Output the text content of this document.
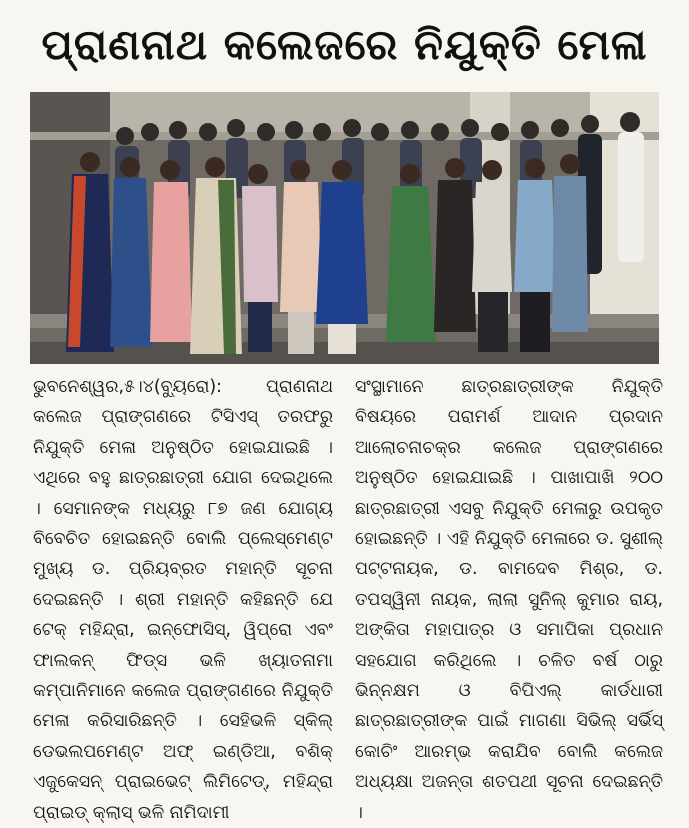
ପ୍ରାଣନାଥ କଲେଜରେ ନିଯୁକ୍ତି ମେଳା

ଭୁବନେଶ୍ୱର,୫।୪(ବ୍ୟୁରୋ): ପ୍ରାଣନାଥ କଲେଜ ପ୍ରାଙ୍ଗଣରେ ଟିସିଏସ୍ ତରଫରୁ ନିଯୁକ୍ତି ମେଳା ଅନୁଷ୍ଠିତ ହୋଇଯାଇଛି । ଏଥିରେ ବହୁ ଛାତ୍ରଛାତ୍ରୀ ଯୋଗ ଦେଇଥିଲେ । ସେମାନଙ୍କ ମଧ୍ୟରୁ ୮୭ ଜଣ ଯୋଗ୍ୟ ବିବେଚିତ ହୋଇଛନ୍ତି ବୋଲି ପ୍ଲେସ୍‌ମେଣ୍ଟ ମୁଖ୍ୟ ଡ. ପ୍ରିୟବ୍ରତ ମହାନ୍ତି ସୂଚନା ଦେଇଛନ୍ତି । ଶ୍ରୀ ମହାନ୍ତି କହିଛନ୍ତି ଯେ ଟେକ୍ ମହିନ୍ଦ୍ରା, ଇନ୍‌ଫୋସିସ୍, ୱିପ୍ରୋ ଏବଂ ଫାଲକନ୍ ଫିଡ୍‌ସ ଭଳି ଖ୍ୟାତନାମା କମ୍ପାନିମାନେ କଲେଜ ପ୍ରାଙ୍ଗଣରେ ନିଯୁକ୍ତି ମେଳା କରିସାରିଛନ୍ତି । ସେହିଭଳି ସ୍କିଲ୍ ଡେଭଲପମେଣ୍ଟ ଅଫ୍ ଇଣ୍ଡିଆ, ବଶିକ୍ ଏଜୁକେସନ୍ ପ୍ରାଇଭେଟ୍ ଲିମିଟେଡ୍, ମହିନ୍ଦ୍ରା ପ୍ରାଇଡ୍ କ୍ଲାସ୍ ଭଳି ନାମିଦାମୀ

ସଂସ୍ଥାମାନେ ଛାତ୍ରଛାତ୍ରୀଙ୍କ ନିଯୁକ୍ତି ବିଷୟରେ ପରାମର୍ଶ ଆଦାନ ପ୍ରଦାନ ଆଲୋଚନାଚକ୍ର କଲେଜ ପ୍ରାଙ୍ଗଣରେ ଅନୁଷ୍ଠିତ ହୋଇଯାଇଛି । ପାଖାପାଖି ୨୦୦ ଛାତ୍ରଛାତ୍ରୀ ଏସବୁ ନିଯୁକ୍ତି ମେଳାରୁ ଉପକୃତ ହୋଇଛନ୍ତି । ଏହି ନିଯୁକ୍ତି ମେଳାରେ ଡ. ସୁଶୀଲ୍ ପଟ୍ଟନାୟକ, ଡ. ବାମଦେବ ମିଶ୍ର, ଡ. ତପସ୍ୱିନୀ ନାୟକ, ଲାଲା ସୁନିଲ୍ କୁମାର ରାୟ, ଅଙ୍କିତା ମହାପାତ୍ର ଓ ସମାପିକା ପ୍ରଧାନ ସହଯୋଗ କରିଥିଲେ । ଚଳିତ ବର୍ଷ ଠାରୁ ଭିନ୍ନକ୍ଷମ ଓ ବିପିଏଲ୍ କାର୍ଡଧାରୀ ଛାତ୍ରଛାତ୍ରୀଙ୍କ ପାଇଁ ମାଗଣା ସିଭିଲ୍ ସର୍ଭିସ୍ କୋଚିଂ ଆରମ୍ଭ କରାଯିବ ବୋଲି କଲେଜ ଅଧ୍ୟକ୍ଷା ଅଜନ୍ତା ଶତପଥୀ ସୂଚନା ଦେଇଛନ୍ତି ।
